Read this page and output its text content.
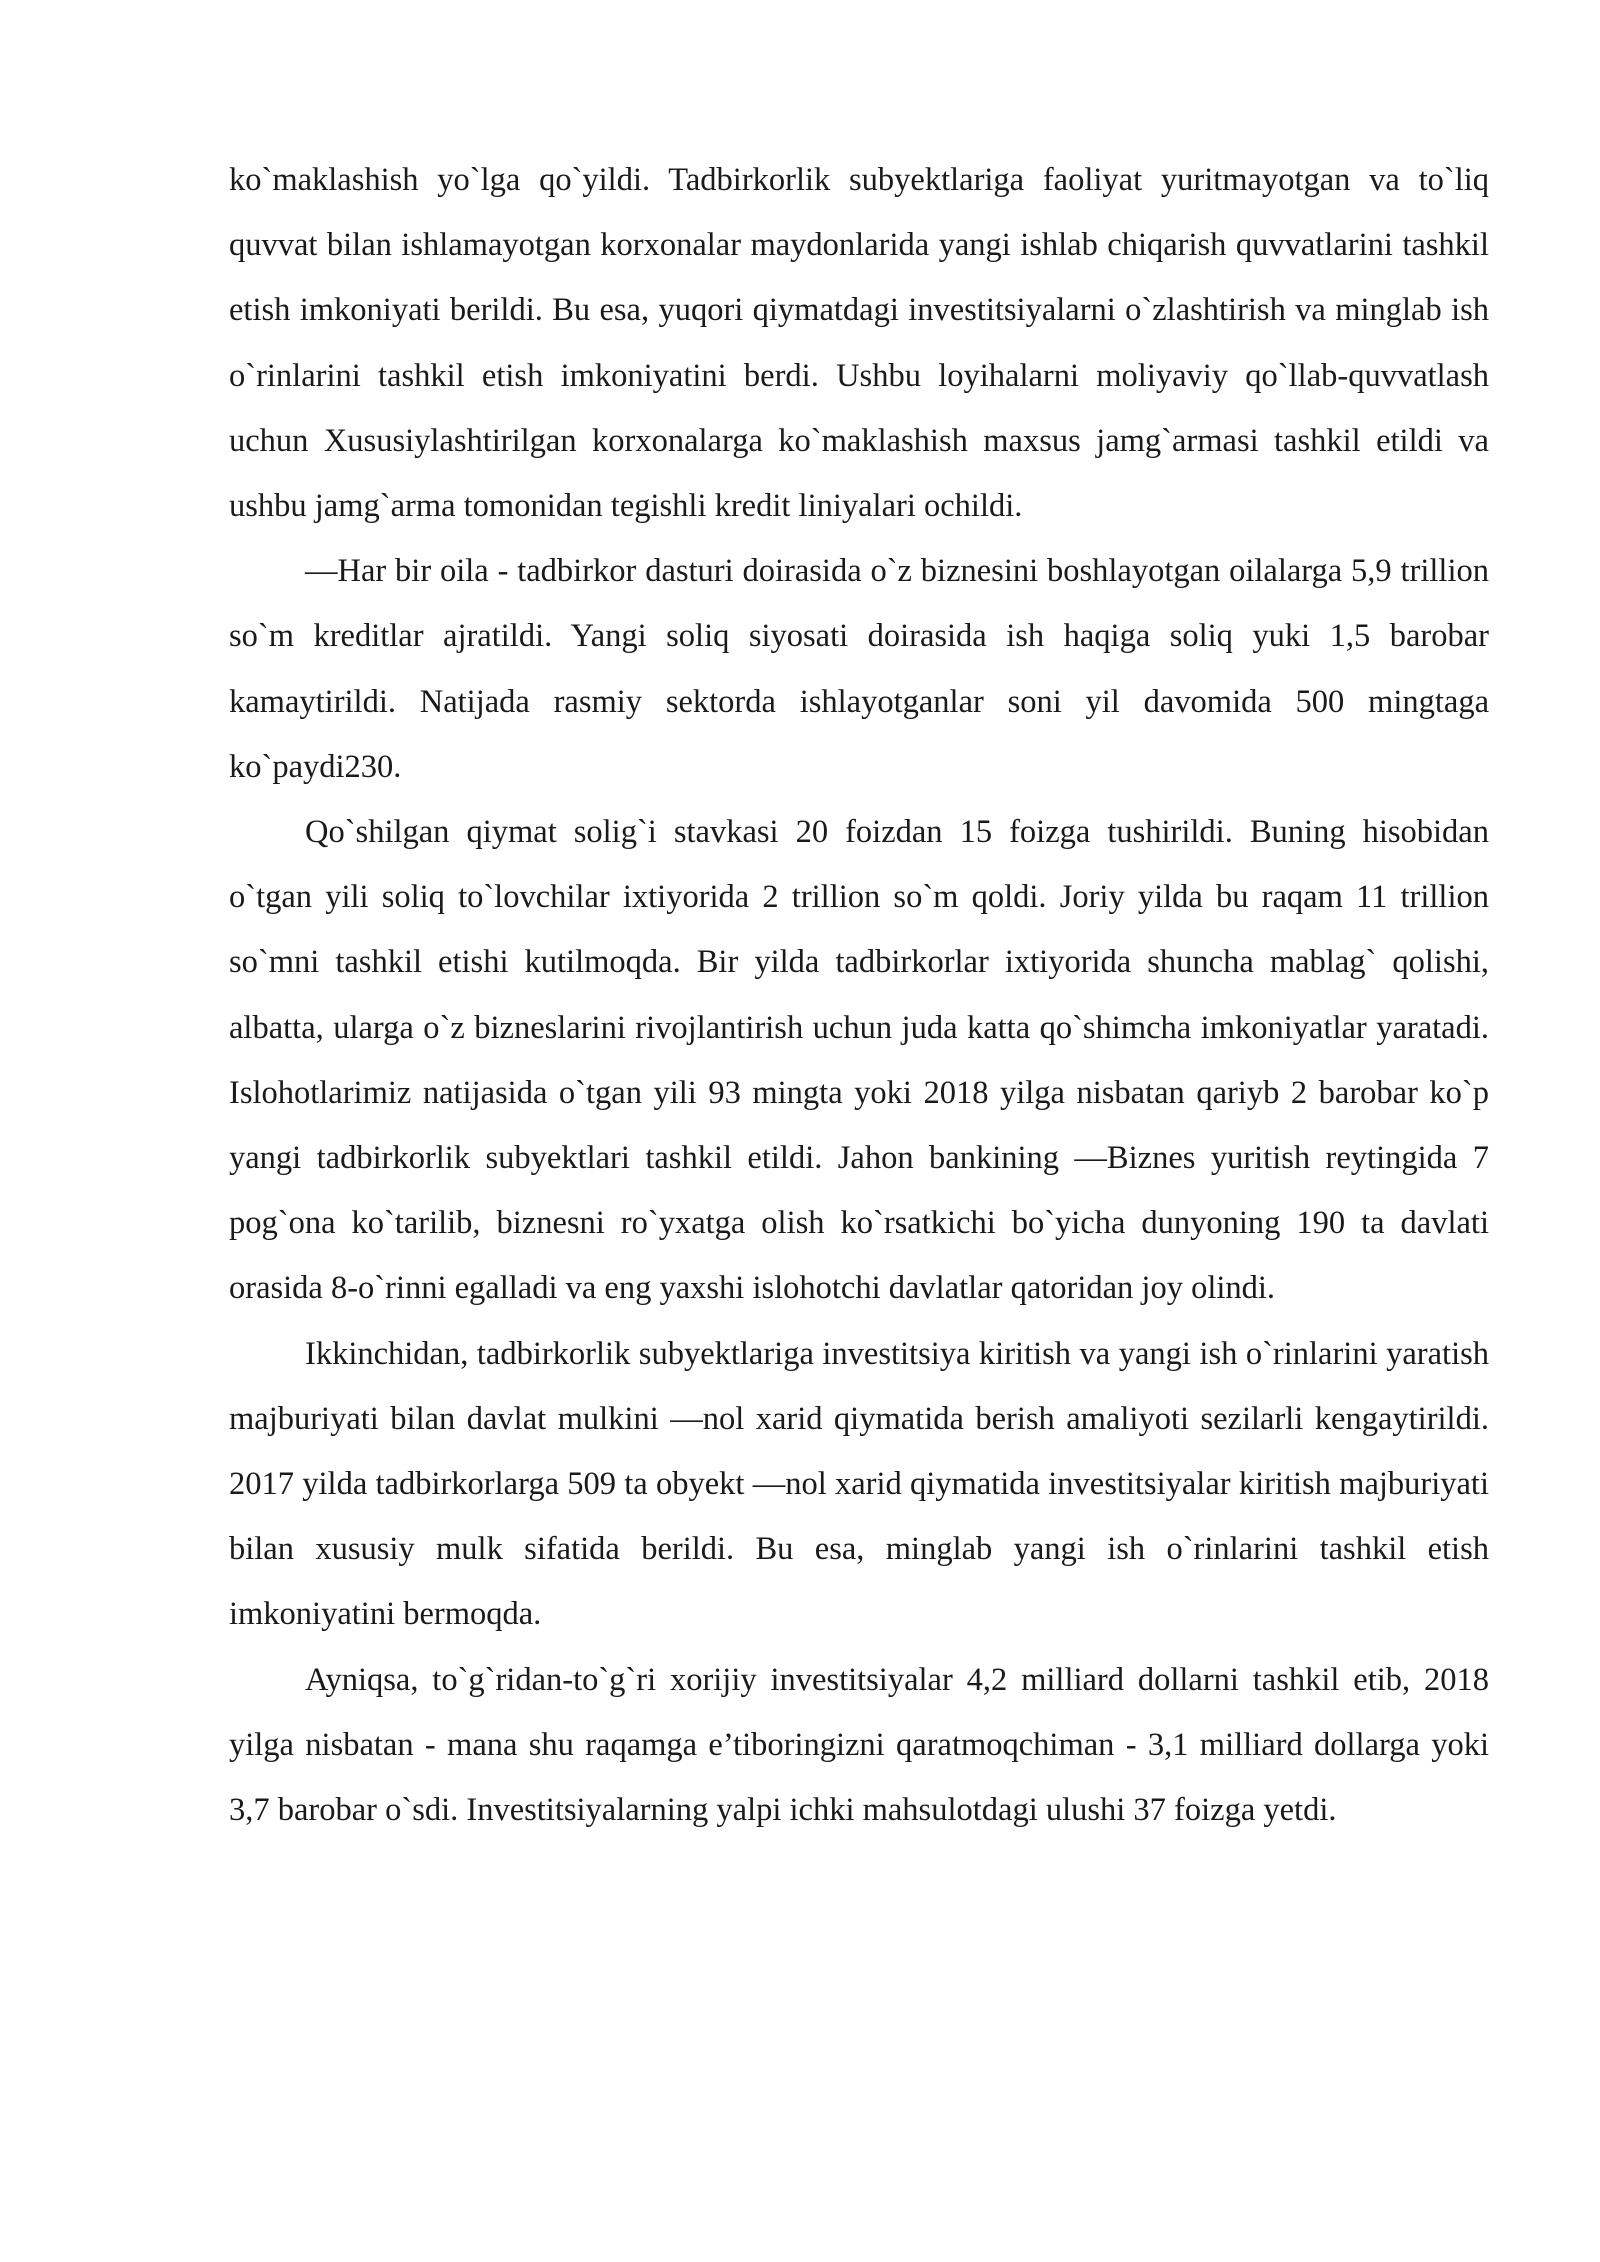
ko`maklashish yo`lga qo`yildi. Tadbirkorlik subyektlariga faoliyat yuritmayotgan va to`liq quvvat bilan ishlamayotgan korxonalar maydonlarida yangi ishlab chiqarish quvvatlarini tashkil etish imkoniyati berildi. Bu esa, yuqori qiymatdagi investitsiyalarni o`zlashtirish va minglab ish o`rinlarini tashkil etish imkoniyatini berdi. Ushbu loyihalarni moliyaviy qo`llab-quvvatlash uchun Xususiylashtirilgan korxonalarga ko`maklashish maxsus jamg`armasi tashkil etildi va ushbu jamg`arma tomonidan tegishli kredit liniyalari ochildi.

—Har bir oila - tadbirkor dasturi doirasida o`z biznesini boshlayotgan oilalarga 5,9 trillion so`m kreditlar ajratildi. Yangi soliq siyosati doirasida ish haqiga soliq yuki 1,5 barobar kamaytirildi. Natijada rasmiy sektorda ishlayotganlar soni yil davomida 500 mingtaga ko`paydi230.

Qo`shilgan qiymat solig`i stavkasi 20 foizdan 15 foizga tushirildi. Buning hisobidan o`tgan yili soliq to`lovchilar ixtiyorida 2 trillion so`m qoldi. Joriy yilda bu raqam 11 trillion so`mni tashkil etishi kutilmoqda. Bir yilda tadbirkorlar ixtiyorida shuncha mablag` qolishi, albatta, ularga o`z bizneslarini rivojlantirish uchun juda katta qo`shimcha imkoniyatlar yaratadi. Islohotlarimiz natijasida o`tgan yili 93 mingta yoki 2018 yilga nisbatan qariyb 2 barobar ko`p yangi tadbirkorlik subyektlari tashkil etildi. Jahon bankining —Biznes yuritish reytingida 7 pog`ona ko`tarilib, biznesni ro`yxatga olish ko`rsatkichi bo`yicha dunyoning 190 ta davlati orasida 8-o`rinni egalladi va eng yaxshi islohotchi davlatlar qatoridan joy olindi.

Ikkinchidan, tadbirkorlik subyektlariga investitsiya kiritish va yangi ish o`rinlarini yaratish majburiyati bilan davlat mulkini —nol xarid qiymatida berish amaliyoti sezilarli kengaytirildi. 2017 yilda tadbirkorlarga 509 ta obyekt —nol xarid qiymatida investitsiyalar kiritish majburiyati bilan xususiy mulk sifatida berildi. Bu esa, minglab yangi ish o`rinlarini tashkil etish imkoniyatini bermoqda.

Ayniqsa, to`g`ridan-to`g`ri xorijiy investitsiyalar 4,2 milliard dollarni tashkil etib, 2018 yilga nisbatan - mana shu raqamga e’tiboringizni qaratmoqchiman - 3,1 milliard dollarga yoki 3,7 barobar o`sdi. Investitsiyalarning yalpi ichki mahsulotdagi ulushi 37 foizga yetdi.
